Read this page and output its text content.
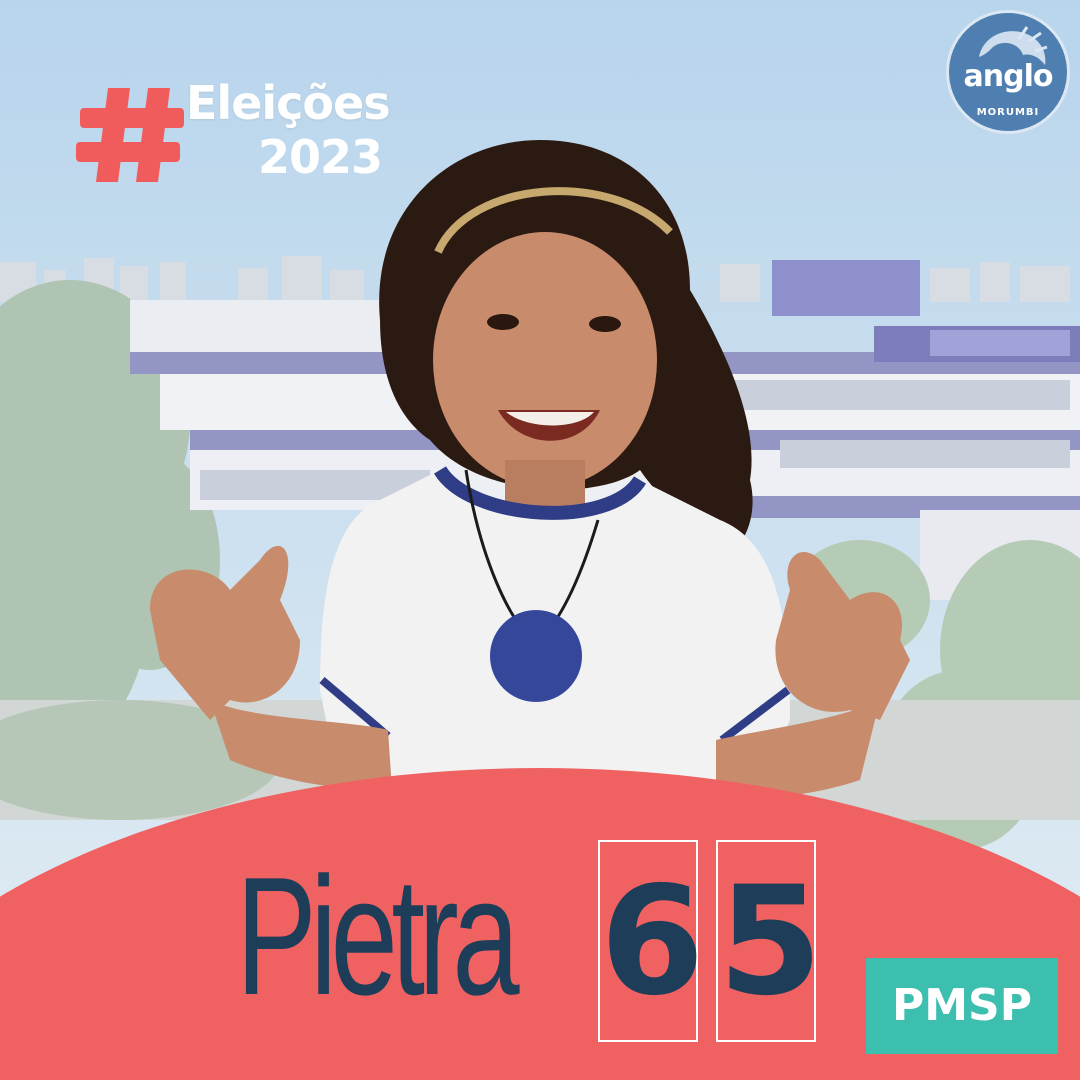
anglo
MORUMBI
Eleições
2023
Pietra 6 5	PMSP
